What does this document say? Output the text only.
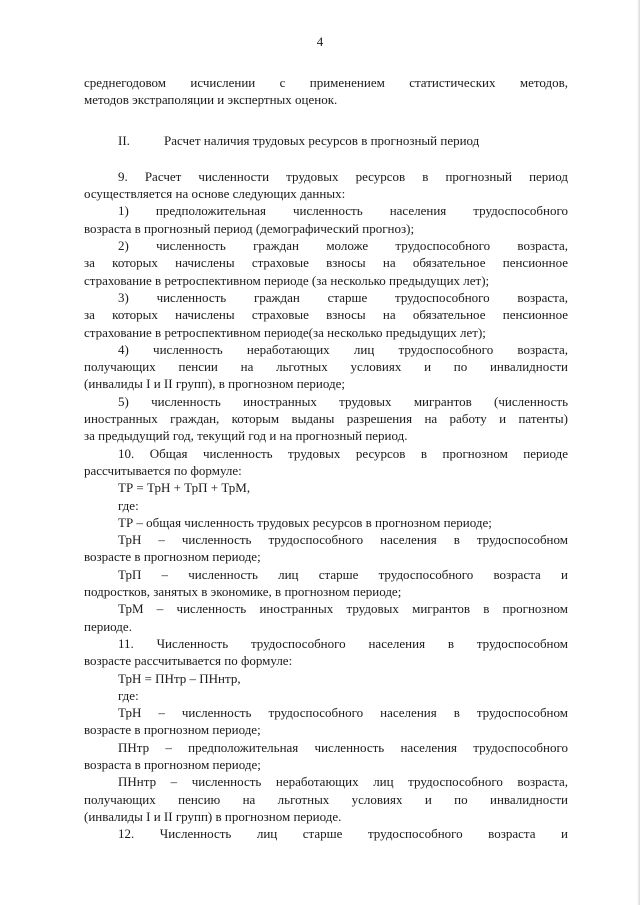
4

среднегодовом исчислении с применением статистических методов,

методов экстраполяции и экспертных оценок.

II.	Расчет наличия трудовых ресурсов в прогнозный период

9. Расчет численности трудовых ресурсов в прогнозный период

осуществляется на основе следующих данных:

1) предположительная численность населения трудоспособного

возраста в прогнозный период (демографический прогноз);

2) численность граждан моложе трудоспособного возраста,

за которых начислены страховые взносы на обязательное пенсионное

страхование в ретроспективном периоде (за несколько предыдущих лет);

3) численность граждан старше трудоспособного возраста,

за которых начислены страховые взносы на обязательное пенсионное

страхование в ретроспективном периоде(за несколько предыдущих лет);

4) численность неработающих лиц трудоспособного возраста,

получающих пенсии на льготных условиях и по инвалидности

(инвалиды I и II групп), в прогнозном периоде;

5) численность иностранных трудовых мигрантов (численность

иностранных граждан, которым выданы разрешения на работу и патенты)

за предыдущий год, текущий год и на прогнозный период.

10. Общая численность трудовых ресурсов в прогнозном периоде

рассчитывается по формуле:

ТР = ТрН + ТрП + ТрМ,

где:

ТР – общая численность трудовых ресурсов в прогнозном периоде;

ТрН – численность трудоспособного населения в трудоспособном

возрасте в прогнозном периоде;

ТрП – численность лиц старше трудоспособного возраста и

подростков, занятых в экономике, в прогнозном периоде;

ТрМ – численность иностранных трудовых мигрантов в прогнозном

периоде.

11. Численность трудоспособного населения в трудоспособном

возрасте рассчитывается по формуле:

ТрН = ПНтр – ПНнтр,

где:

ТрН – численность трудоспособного населения в трудоспособном

возрасте в прогнозном периоде;

ПНтр – предположительная численность населения трудоспособного

возраста в прогнозном периоде;

ПНнтр – численность неработающих лиц трудоспособного возраста,

получающих пенсию на льготных условиях и по инвалидности

(инвалиды I и II групп) в прогнозном периоде.

12. Численность лиц старше трудоспособного возраста и
